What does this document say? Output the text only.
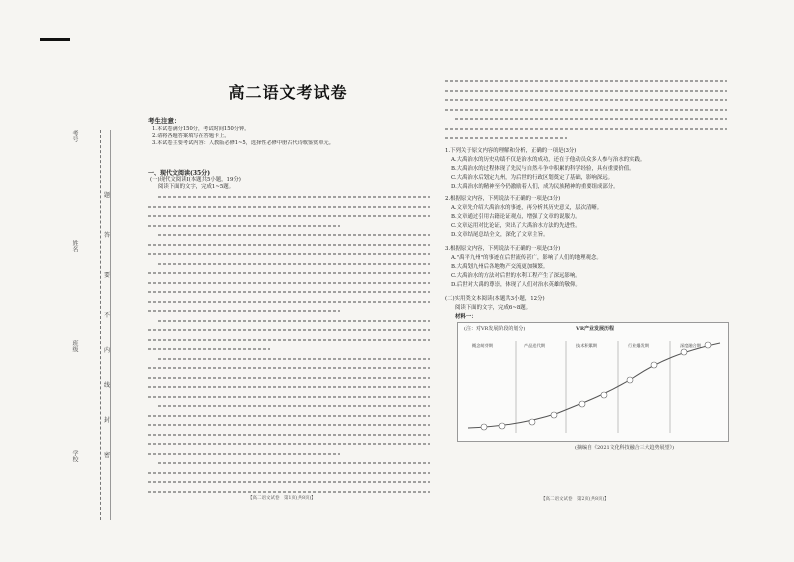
考号
姓名
班级
学校
题
答
要
不
内
线
封
密
高二语文考试卷
考生注意：
1.本试卷满分150分，考试时间150分钟。
2.请将各题答案填写在答题卡上。
3.本试卷主要考试内容：人教版必修1~5，选择性必修中册古代诗歌鉴赏单元。
一、现代文阅读(35分)
(一)现代文阅读Ⅰ(本题共5小题，19分)
阅读下面的文字，完成1~5题。
【高二语文试卷　第1页(共8页)】
1.下列关于原文内容的理解和分析，正确的一项是(3分)
A.大禹治水的历史功绩不仅是治水的成功，还在于他动员众多人参与治水的实践。
B.大禹治水的过程体现了先民与自然斗争中积累的科学经验，具有重要价值。
C.大禹治水后划定九州，为后世的行政区划奠定了基础，影响深远。
D.大禹治水的精神至今仍激励着人们，成为民族精神的重要组成部分。
2.根据原文内容，下列说法不正确的一项是(3分)
A.文章先介绍大禹治水的事迹，再分析其历史意义，层次清晰。
B.文章通过引用古籍论证观点，增强了文章的说服力。
C.文章运用对比论证，突出了大禹治水方法的先进性。
D.文章结尾总结全文，深化了文章主旨。
3.根据原文内容，下列说法不正确的一项是(3分)
A."禹平九州"的事迹在后世流传甚广，影响了人们的地理观念。
B.大禹划九州后各地物产交流更加频繁。
C.大禹治水的方法对后世的水利工程产生了深远影响。
D.后世对大禹的尊崇，体现了人们对治水英雄的敬仰。
(二)实用类文本阅读(本题共3小题，12分)
阅读下面的文字，完成6~8题。
材料一：
(注：对VR发展阶段的划分)	VR产业发展历程
概念萌芽期	产品迭代期	技术积累期	行业爆发期	深度融合期
(摘编自《2021文化科技融合三大趋势展望》)
【高二语文试卷　第2页(共8页)】
